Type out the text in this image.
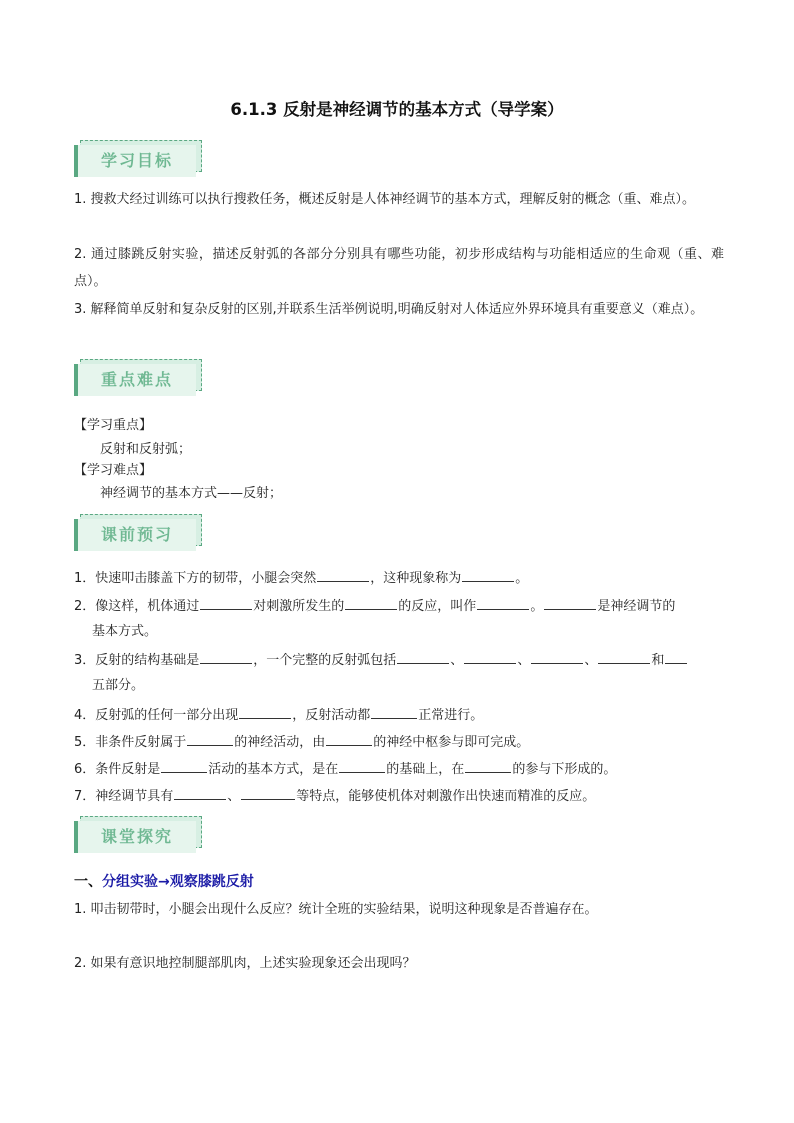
6.1.3 反射是神经调节的基本方式（导学案）
学习目标
1. 搜救犬经过训练可以执行搜救任务，概述反射是人体神经调节的基本方式，理解反射的概念（重、难点）。
2. 通过膝跳反射实验，描述反射弧的各部分分别具有哪些功能，初步形成结构与功能相适应的生命观（重、难点）。
3. 解释简单反射和复杂反射的区别,并联系生活举例说明,明确反射对人体适应外界环境具有重要意义（难点）。
重点难点
【学习重点】
反射和反射弧；
【学习难点】
神经调节的基本方式——反射；
课前预习
1．快速叩击膝盖下方的韧带，小腿会突然	，这种现象称为	。
2．像这样，机体通过	对刺激所发生的	的反应，叫作	。	是神经调节的
基本方式。
3．反射的结构基础是	，一个完整的反射弧包括	、	、	、	和
五部分。
4．反射弧的任何一部分出现	，反射活动都	正常进行。
5．非条件反射属于	的神经活动，由	的神经中枢参与即可完成。
6．条件反射是	活动的基本方式，是在	的基础上，在	的参与下形成的。
7．神经调节具有	、	等特点，能够使机体对刺激作出快速而精准的反应。
课堂探究
一、分组实验→观察膝跳反射
1. 叩击韧带时，小腿会出现什么反应？统计全班的实验结果，说明这种现象是否普遍存在。
2. 如果有意识地控制腿部肌肉，上述实验现象还会出现吗？
